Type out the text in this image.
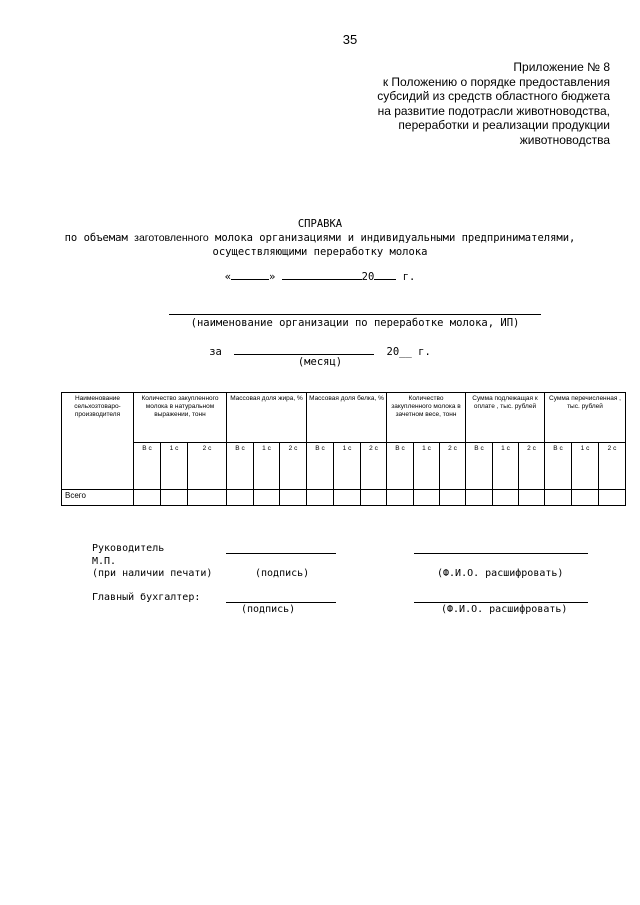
35
Приложение № 8
к Положению о порядке предоставления
субсидий из средств областного бюджета
на развитие подотрасли животноводства,
переработки и реализации продукции
животноводства
СПРАВКА
по объемам заготовленного молока организациями и индивидуальными предпринимателями,
осуществляющими переработку молока
«	»	20	г.
(наименование организации по переработке молока, ИП)
за	20__ г.
(месяц)
Наименование сельхозтоваро-производителя	Количество закупленного молока в натуральном выражении, тонн			Массовая доля жира, %			Массовая доля белка, %			Количество закупленного молока в зачетном весе, тонн			Сумма подлежащая к оплате , тыс. рублей			Сумма перечисленная , тыс. рублей		
	В с	1 с	2 с	В с	1 с	2 с	В с	1 с	2 с	В с	1 с	2 с	В с	1 с	2 с	В с	1 с	2 с
Всего																		
Руководитель
М.П.
(при наличии печати)	(подпись)	(Ф.И.О. расшифровать)
Главный бухгалтер:
(подпись)	(Ф.И.О. расшифровать)
